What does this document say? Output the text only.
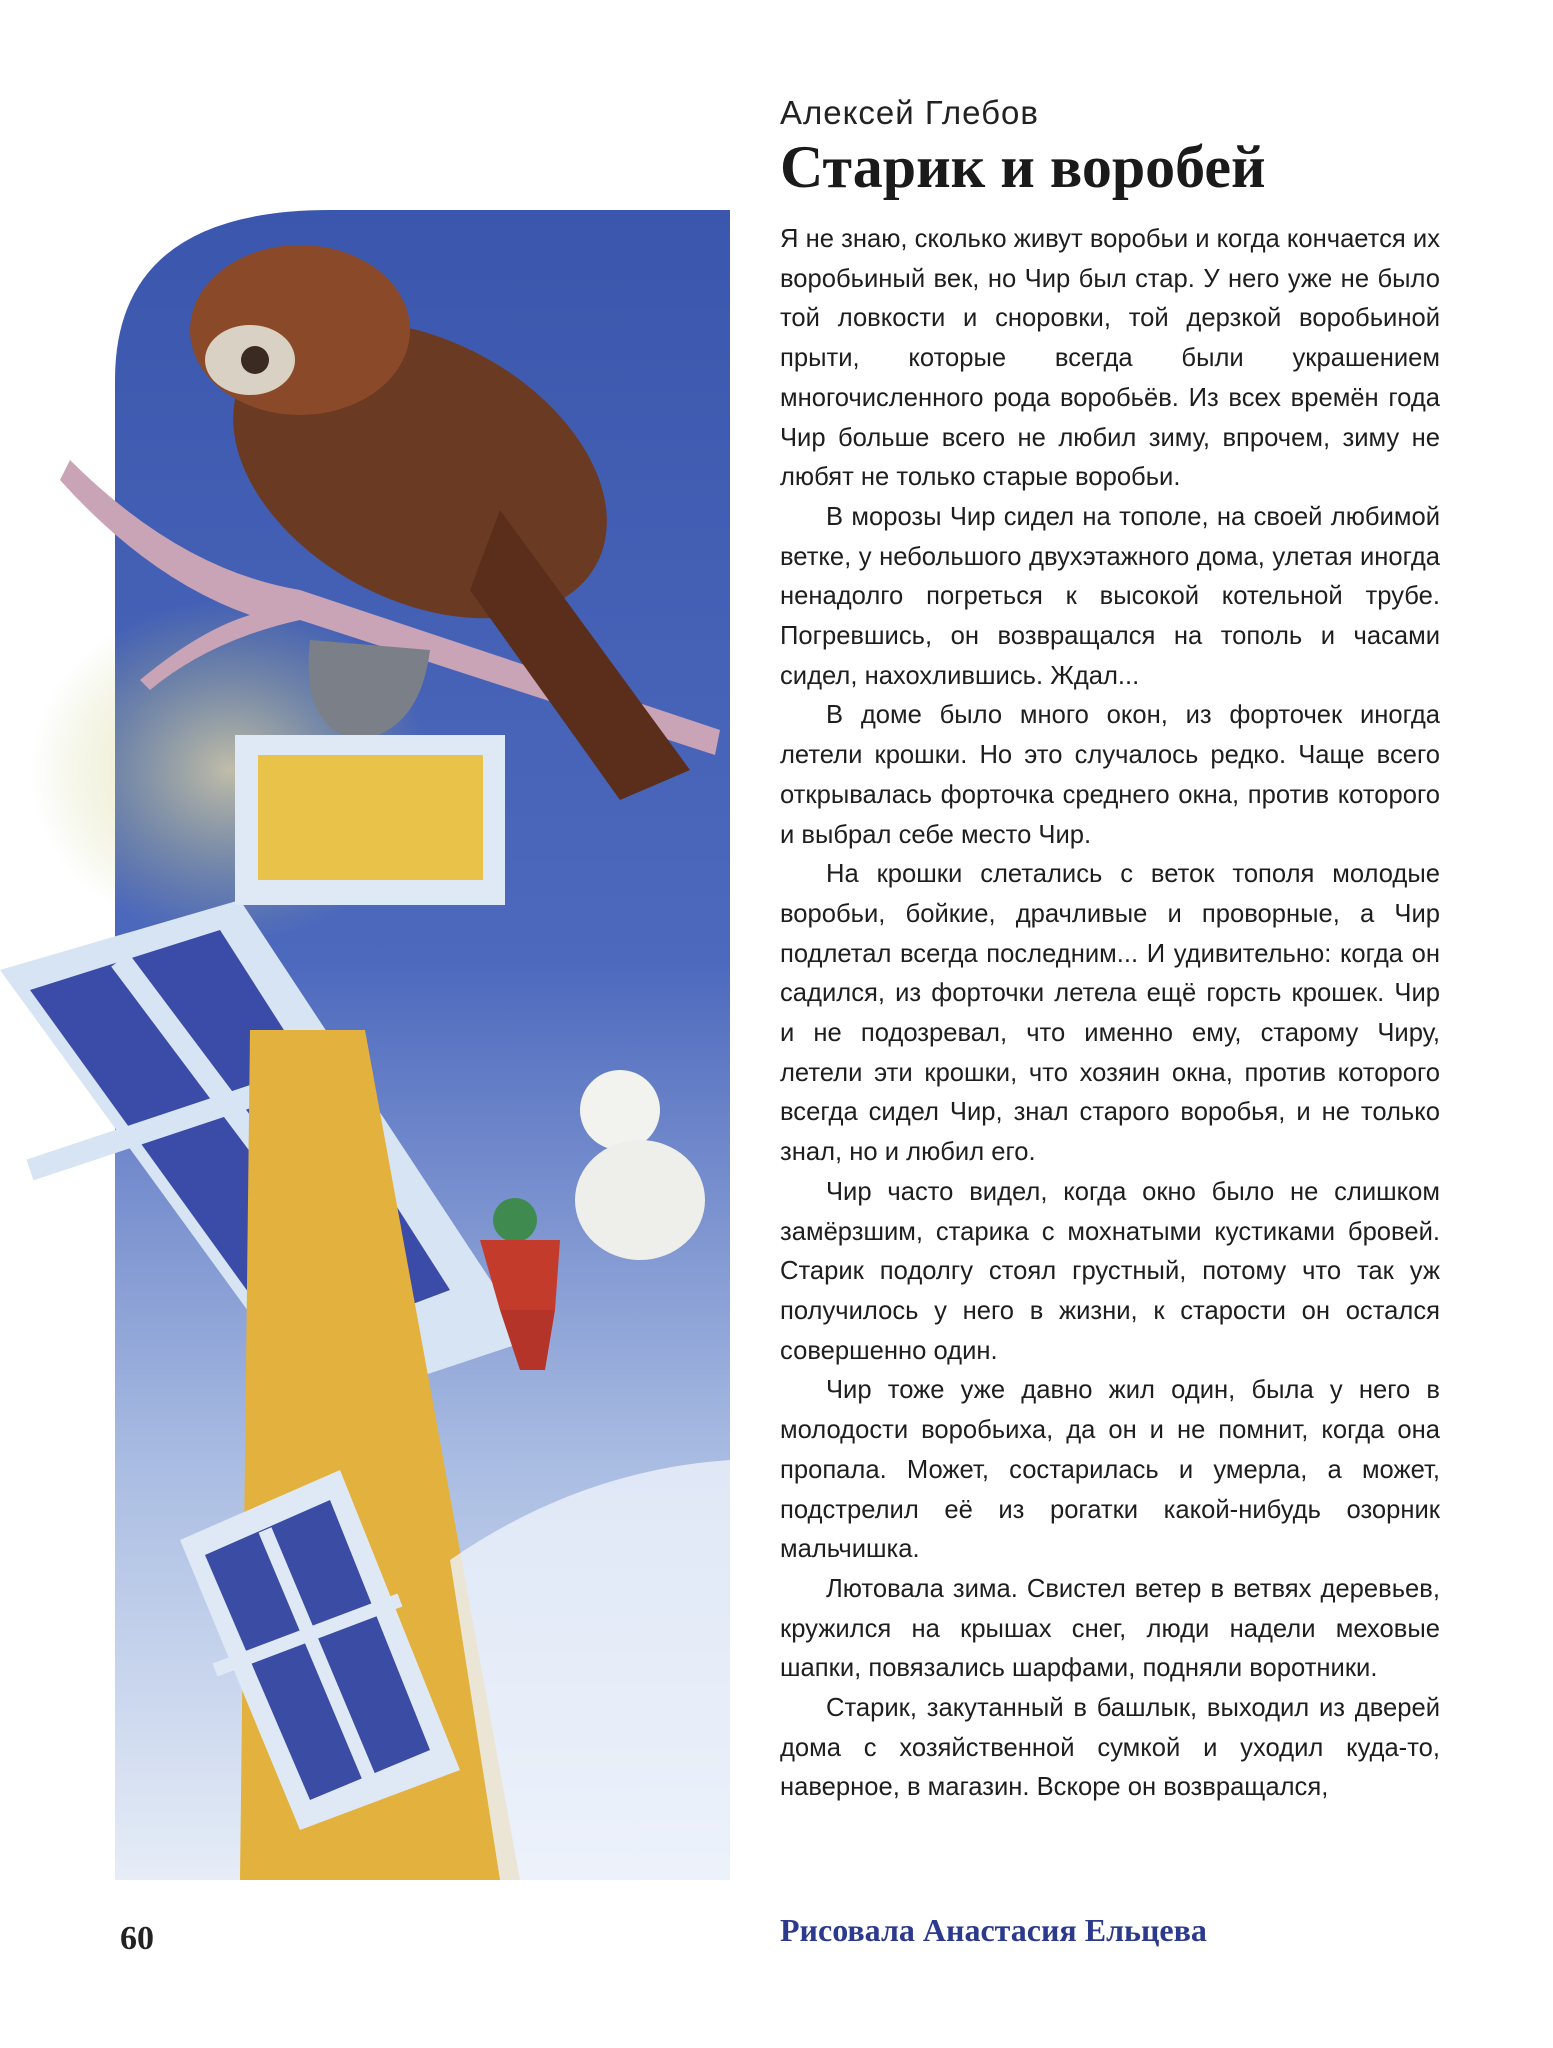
60

Алексей Глебов

Старик и воробей

Я не знаю, сколько живут воробьи и когда кончается их воробьиный век, но Чир был стар. У него уже не было той ловкости и сноровки, той дерзкой воробьиной прыти, которые всегда были украшением многочисленного рода воробьёв. Из всех времён года Чир больше всего не любил зиму, впрочем, зиму не любят не только старые воробьи.

В морозы Чир сидел на тополе, на своей любимой ветке, у небольшого двухэтажного дома, улетая иногда ненадолго погреться к высокой котельной трубе. Погревшись, он возвращался на тополь и часами сидел, нахохлившись. Ждал...

В доме было много окон, из форточек иногда летели крошки. Но это случалось редко. Чаще всего открывалась форточка среднего окна, против которого и выбрал себе место Чир.

На крошки слетались с веток тополя молодые воробьи, бойкие, драчливые и проворные, а Чир подлетал всегда последним... И удивительно: когда он садился, из форточки летела ещё горсть крошек. Чир и не подозревал, что именно ему, старому Чиру, летели эти крошки, что хозяин окна, против которого всегда сидел Чир, знал старого воробья, и не только знал, но и любил его.

Чир часто видел, когда окно было не слишком замёрзшим, старика с мохнатыми кустиками бровей. Старик подолгу стоял грустный, потому что так уж получилось у него в жизни, к старости он остался совершенно один.

Чир тоже уже давно жил один, была у него в молодости воробьиха, да он и не помнит, когда она пропала. Может, состарилась и умерла, а может, подстрелил её из рогатки какой-нибудь озорник мальчишка.

Лютовала зима. Свистел ветер в ветвях деревьев, кружился на крышах снег, люди надели меховые шапки, повязались шарфами, подняли воротники.

Старик, закутанный в башлык, выходил из дверей дома с хозяйственной сумкой и уходил куда-то, наверное, в магазин. Вскоре он возвращался,

Рисовала Анастасия Ельцева
